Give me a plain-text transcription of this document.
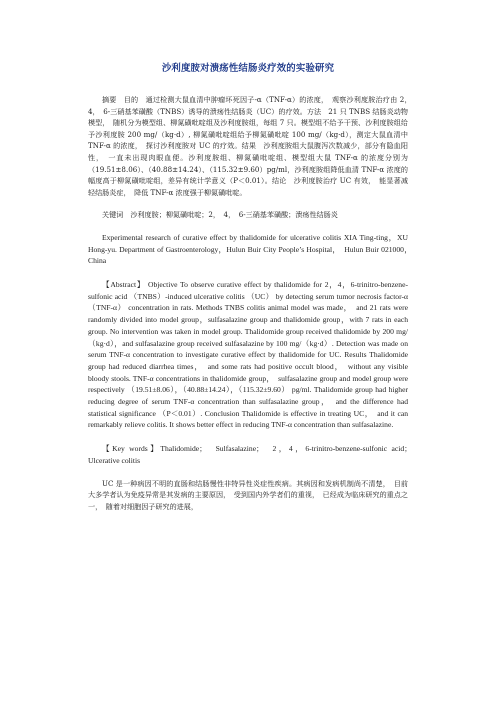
沙利度胺对溃疡性结肠炎疗效的实验研究

摘要　目的　通过检测大鼠血清中肿瘤坏死因子-α（TNF-α）的浓度，　观察沙利度胺治疗由 2，　4，　6-三硝基苯磺酸（TNBS）诱导的溃疡性结肠炎（UC）的疗效。方法　21 只 TNBS 结肠炎动物模型，　随机分为模型组、柳氮磺吡啶组及沙利度胺组，每组 7 只。模型组不给予干预、沙利度胺组给予沙利度胺 200 mg/（kg·d）, 柳氮磺吡啶组给予柳氮磺吡啶 100 mg/（kg·d），测定大鼠血清中 TNF-α 的浓度，　探讨沙利度胺对 UC 的疗效。结果　沙利度胺组大鼠腹泻次数减少，部分有隐血阳性，　一直未出现肉眼血便。沙利度胺组、柳氮磺吡啶组、模型组大鼠 TNF-α 的浓度分别为（19.51±8.06）、（40.88±14.24）、（115.32±9.60）pg/ml，沙利度胺组降低血清 TNF-α 浓度的幅度高于柳氮磺吡啶组，差异有统计学意义（P＜0.01）。结论　沙利度胺治疗 UC 有效，　能显著减轻结肠炎症，　降低 TNF-α 浓度强于柳氮磺吡啶。

关键词　沙利度胺；柳氮磺吡啶；2，　4，　6-三硝基苯磺酸；溃疡性结肠炎

Experimental research of curative effect by thalidomide for ulcerative colitis XIA Ting-ting，XU Hong-yu. Department of Gastroenterology，Hulun Buir City People’s Hospital，　Hulun Buir 021000，　China

【Abstract】 Objective To observe curative effect by thalidomide for 2，4，6-trinitro-benzene-sulfonic acid （TNBS）-induced ulcerative colitis （UC） by detecting serum tumor necrosis factor-α （TNF-α） concentration in rats. Methods TNBS colitis animal model was made，　and 21 rats were randomly divided into model group，sulfasalazine group and thalidomide group，with 7 rats in each group. No intervention was taken in model group. Thalidomide group received thalidomide by 200 mg/（kg·d），and sulfasalazine group received sulfasalazine by 100 mg/（kg·d）. Detection was made on serum TNF-α concentration to investigate curative effect by thalidomide for UC. Results Thalidomide group had reduced diarrhea times，　and some rats had positive occult blood，　without any visible bloody stools. TNF-α concentrations in thalidomide group，　sulfasalazine group and model group were respectively （19.51±8.06），（40.88±14.24），（115.32±9.60） pg/ml. Thalidomide group had higher reducing degree of serum TNF-α concentration than sulfasalazine group，　and the difference had statistical significance （P＜0.01）. Conclusion Thalidomide is effective in treating UC，　and it can remarkably relieve colitis. It shows better effect in reducing TNF-α concentration than sulfasalazine.

【Key words】Thalidomide；　Sulfasalazine；　2，4，6-trinitro-benzene-sulfonic acid；　Ulcerative colitis

UC 是一种病因不明的直肠和结肠慢性非特异性炎症性疾病。其病因和发病机制尚不清楚，　目前大多学者认为免疫异常是其发病的主要原因，　受到国内外学者们的重视，　已经成为临床研究的重点之一，　随着对细胞因子研究的进展，
